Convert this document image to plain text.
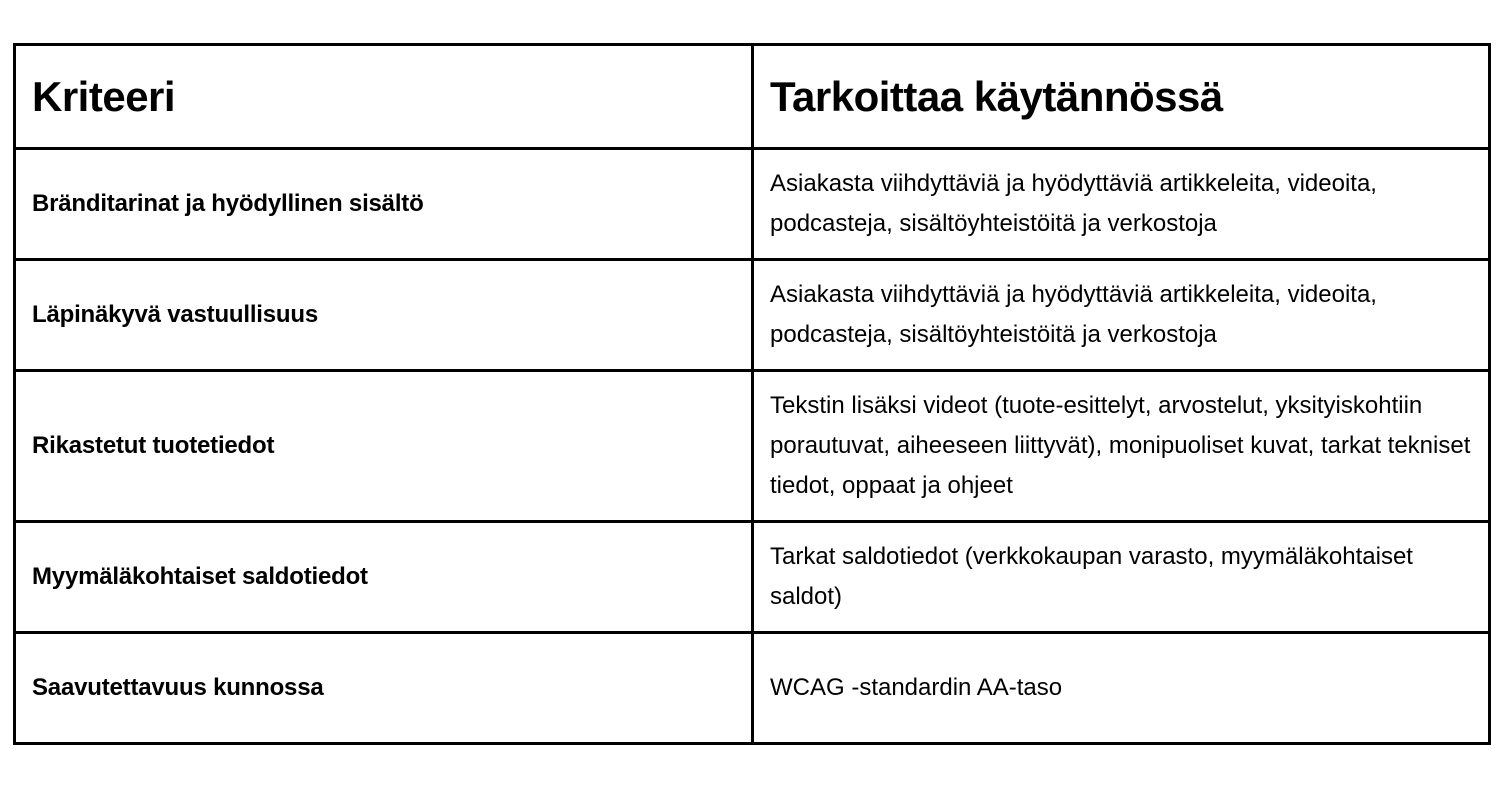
Kriteeri	Tarkoittaa käytännössä
Bränditarinat ja hyödyllinen sisältö	Asiakasta viihdyttäviä ja hyödyttäviä artikkeleita, videoita, podcasteja, sisältöyhteistöitä ja verkostoja
Läpinäkyvä vastuullisuus	Asiakasta viihdyttäviä ja hyödyttäviä artikkeleita, videoita, podcasteja, sisältöyhteistöitä ja verkostoja
Rikastetut tuotetiedot	Tekstin lisäksi videot (tuote-esittelyt, arvostelut, yksityiskohtiin porautuvat, aiheeseen liittyvät), monipuoliset kuvat, tarkat tekniset tiedot, oppaat ja ohjeet
Myymäläkohtaiset saldotiedot	Tarkat saldotiedot (verkkokaupan varasto, myymäläkohtaiset saldot)
Saavutettavuus kunnossa	WCAG -standardin AA-taso
